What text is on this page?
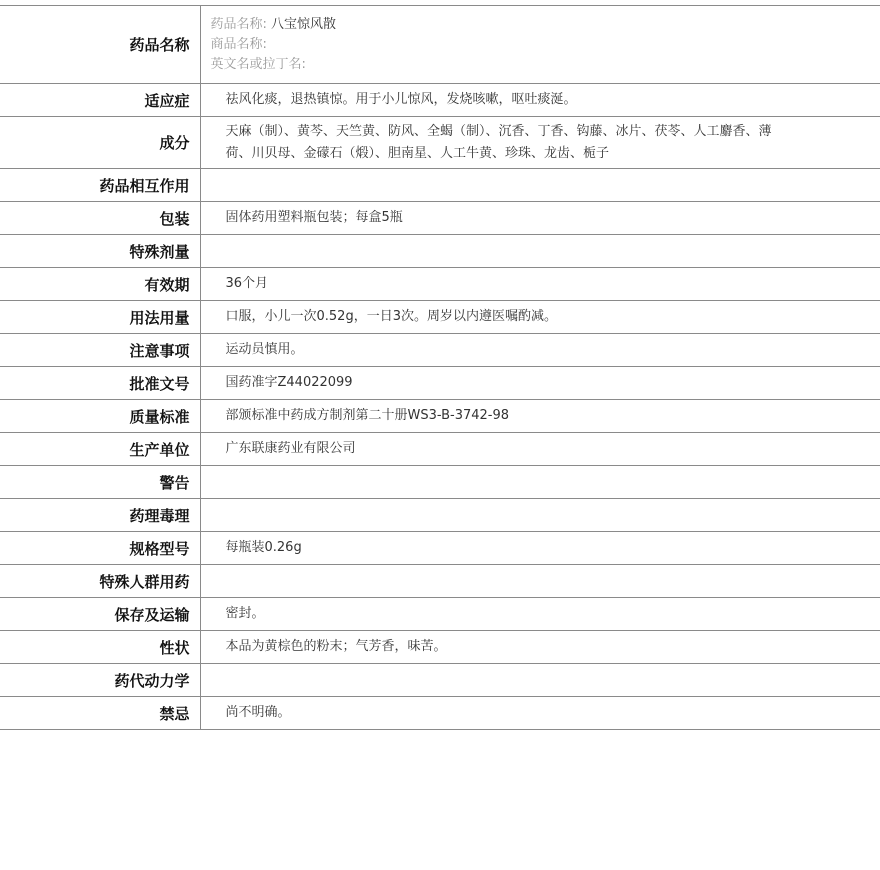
药品名称	药品名称: 八宝惊风散
商品名称:
英文名或拉丁名:

适应症	祛风化痰，退热镇惊。用于小儿惊风，发烧咳嗽，呕吐痰涎。
成分	天麻（制）、黄芩、天竺黄、防风、全蝎（制）、沉香、丁香、钩藤、冰片、茯苓、人工麝香、薄荷、川贝母、金礞石（煅）、胆南星、人工牛黄、珍珠、龙齿、栀子
药品相互作用	
包装	固体药用塑料瓶包装；每盒5瓶
特殊剂量	
有效期	36个月
用法用量	口服，小儿一次0.52g，一日3次。周岁以内遵医嘱酌减。
注意事项	运动员慎用。
批准文号	国药准字Z44022099
质量标准	部颁标准中药成方制剂第二十册WS3-B-3742-98
生产单位	广东联康药业有限公司
警告	
药理毒理	
规格型号	每瓶装0.26g
特殊人群用药	
保存及运输	密封。
性状	本品为黄棕色的粉末；气芳香，味苦。
药代动力学	
禁忌	尚不明确。
